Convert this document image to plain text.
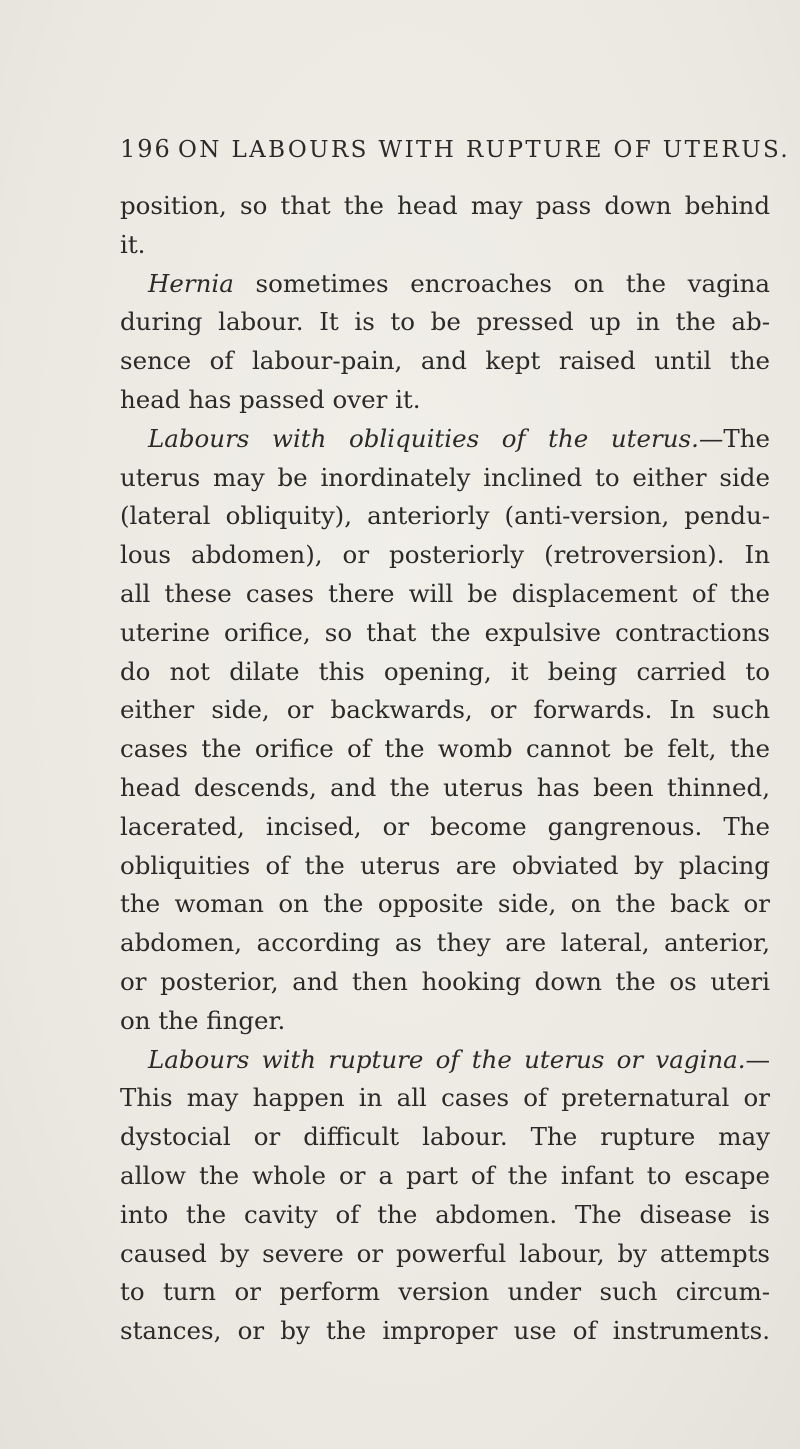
196 ON LABOURS WITH RUPTURE OF UTERUS.
position, so that the head may pass down behind
it.
Hernia sometimes encroaches on the vagina
during labour. It is to be pressed up in the ab-
sence of labour-pain, and kept raised until the
head has passed over it.
Labours with obliquities of the uterus.—The
uterus may be inordinately inclined to either side
(lateral obliquity), anteriorly (anti-version, pendu-
lous abdomen), or posteriorly (retroversion). In
all these cases there will be displacement of the
uterine orifice, so that the expulsive contractions
do not dilate this opening, it being carried to
either side, or backwards, or forwards. In such
cases the orifice of the womb cannot be felt, the
head descends, and the uterus has been thinned,
lacerated, incised, or become gangrenous. The
obliquities of the uterus are obviated by placing
the woman on the opposite side, on the back or
abdomen, according as they are lateral, anterior,
or posterior, and then hooking down the os uteri
on the finger.
Labours with rupture of the uterus or vagina.—
This may happen in all cases of preternatural or
dystocial or difficult labour. The rupture may
allow the whole or a part of the infant to escape
into the cavity of the abdomen. The disease is
caused by severe or powerful labour, by attempts
to turn or perform version under such circum-
stances, or by the improper use of instruments.
